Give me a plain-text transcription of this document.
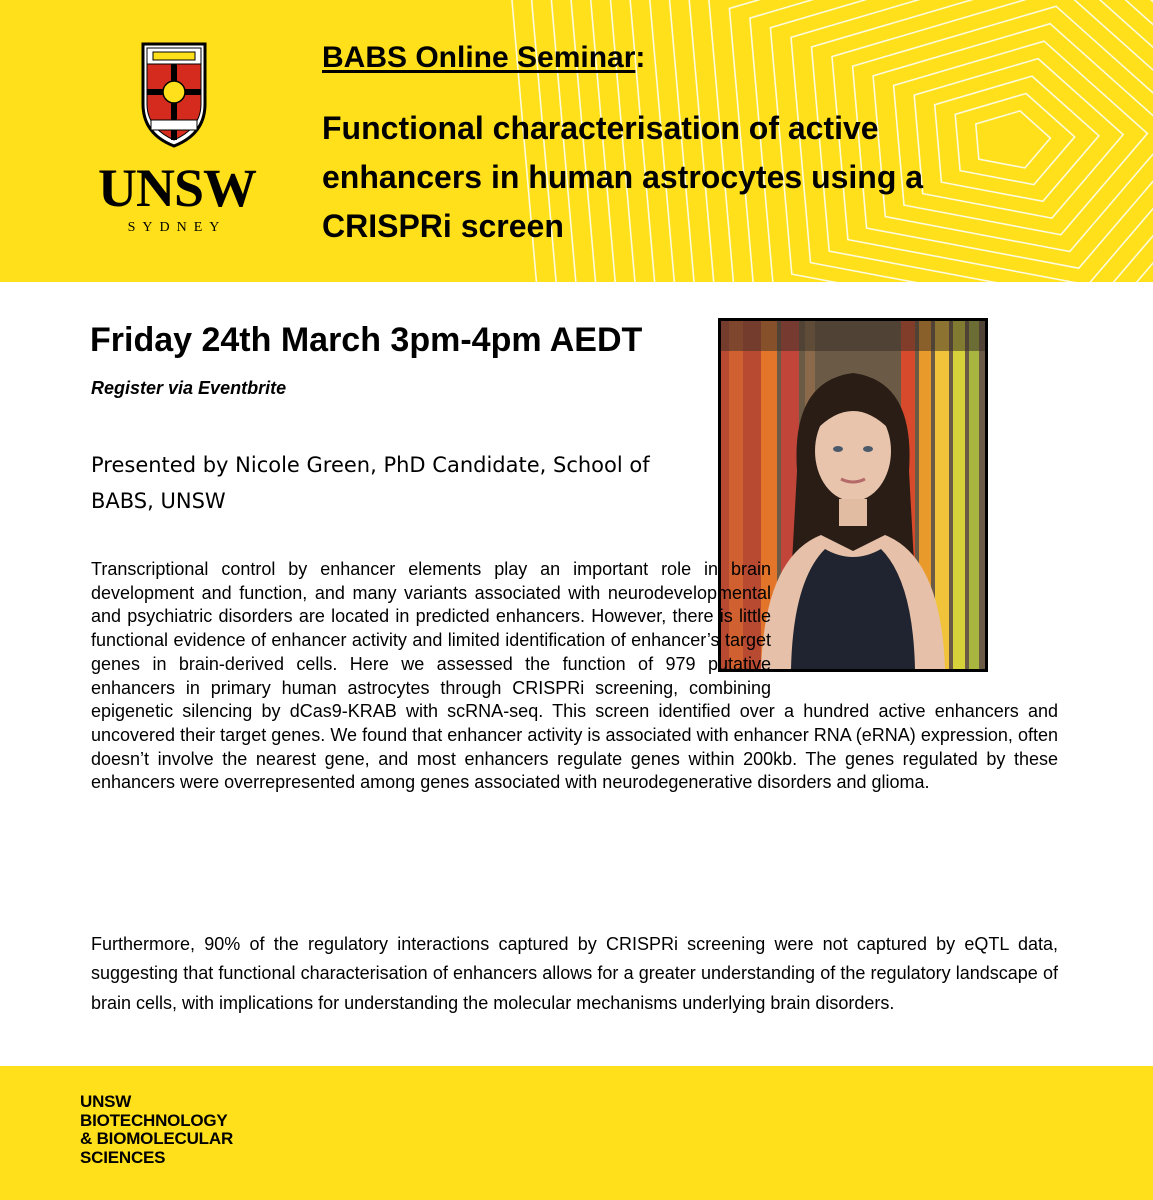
UNSW
SYDNEY
BABS Online Seminar:
Functional characterisation of active enhancers in human astrocytes using a CRISPRi screen
Friday 24th March 3pm-4pm AEDT
Register via Eventbrite
Presented by Nicole Green, PhD Candidate, School of BABS, UNSW

Transcriptional control by enhancer elements play an important role in brain development and function, and many variants associated with neurodevelopmental and psychiatric disorders are located in predicted enhancers. However, there is little functional evidence of enhancer activity and limited identification of enhancer’s target genes in brain-derived cells. Here we assessed the function of 979 putative enhancers in primary human astrocytes through CRISPRi screening, combining epigenetic silencing by dCas9-KRAB with scRNA-seq. This screen identified over a hundred active enhancers and uncovered their target genes. We found that enhancer activity is associated with enhancer RNA (eRNA) expression, often doesn’t involve the nearest gene, and most enhancers regulate genes within 200kb. The genes regulated by these enhancers were overrepresented among genes associated with neurodegenerative disorders and glioma.

Furthermore, 90% of the regulatory interactions captured by CRISPRi screening were not captured by eQTL data, suggesting that functional characterisation of enhancers allows for a greater understanding of the regulatory landscape of brain cells, with implications for understanding the molecular mechanisms underlying brain disorders.

UNSW
BIOTECHNOLOGY
& BIOMOLECULAR
SCIENCES
